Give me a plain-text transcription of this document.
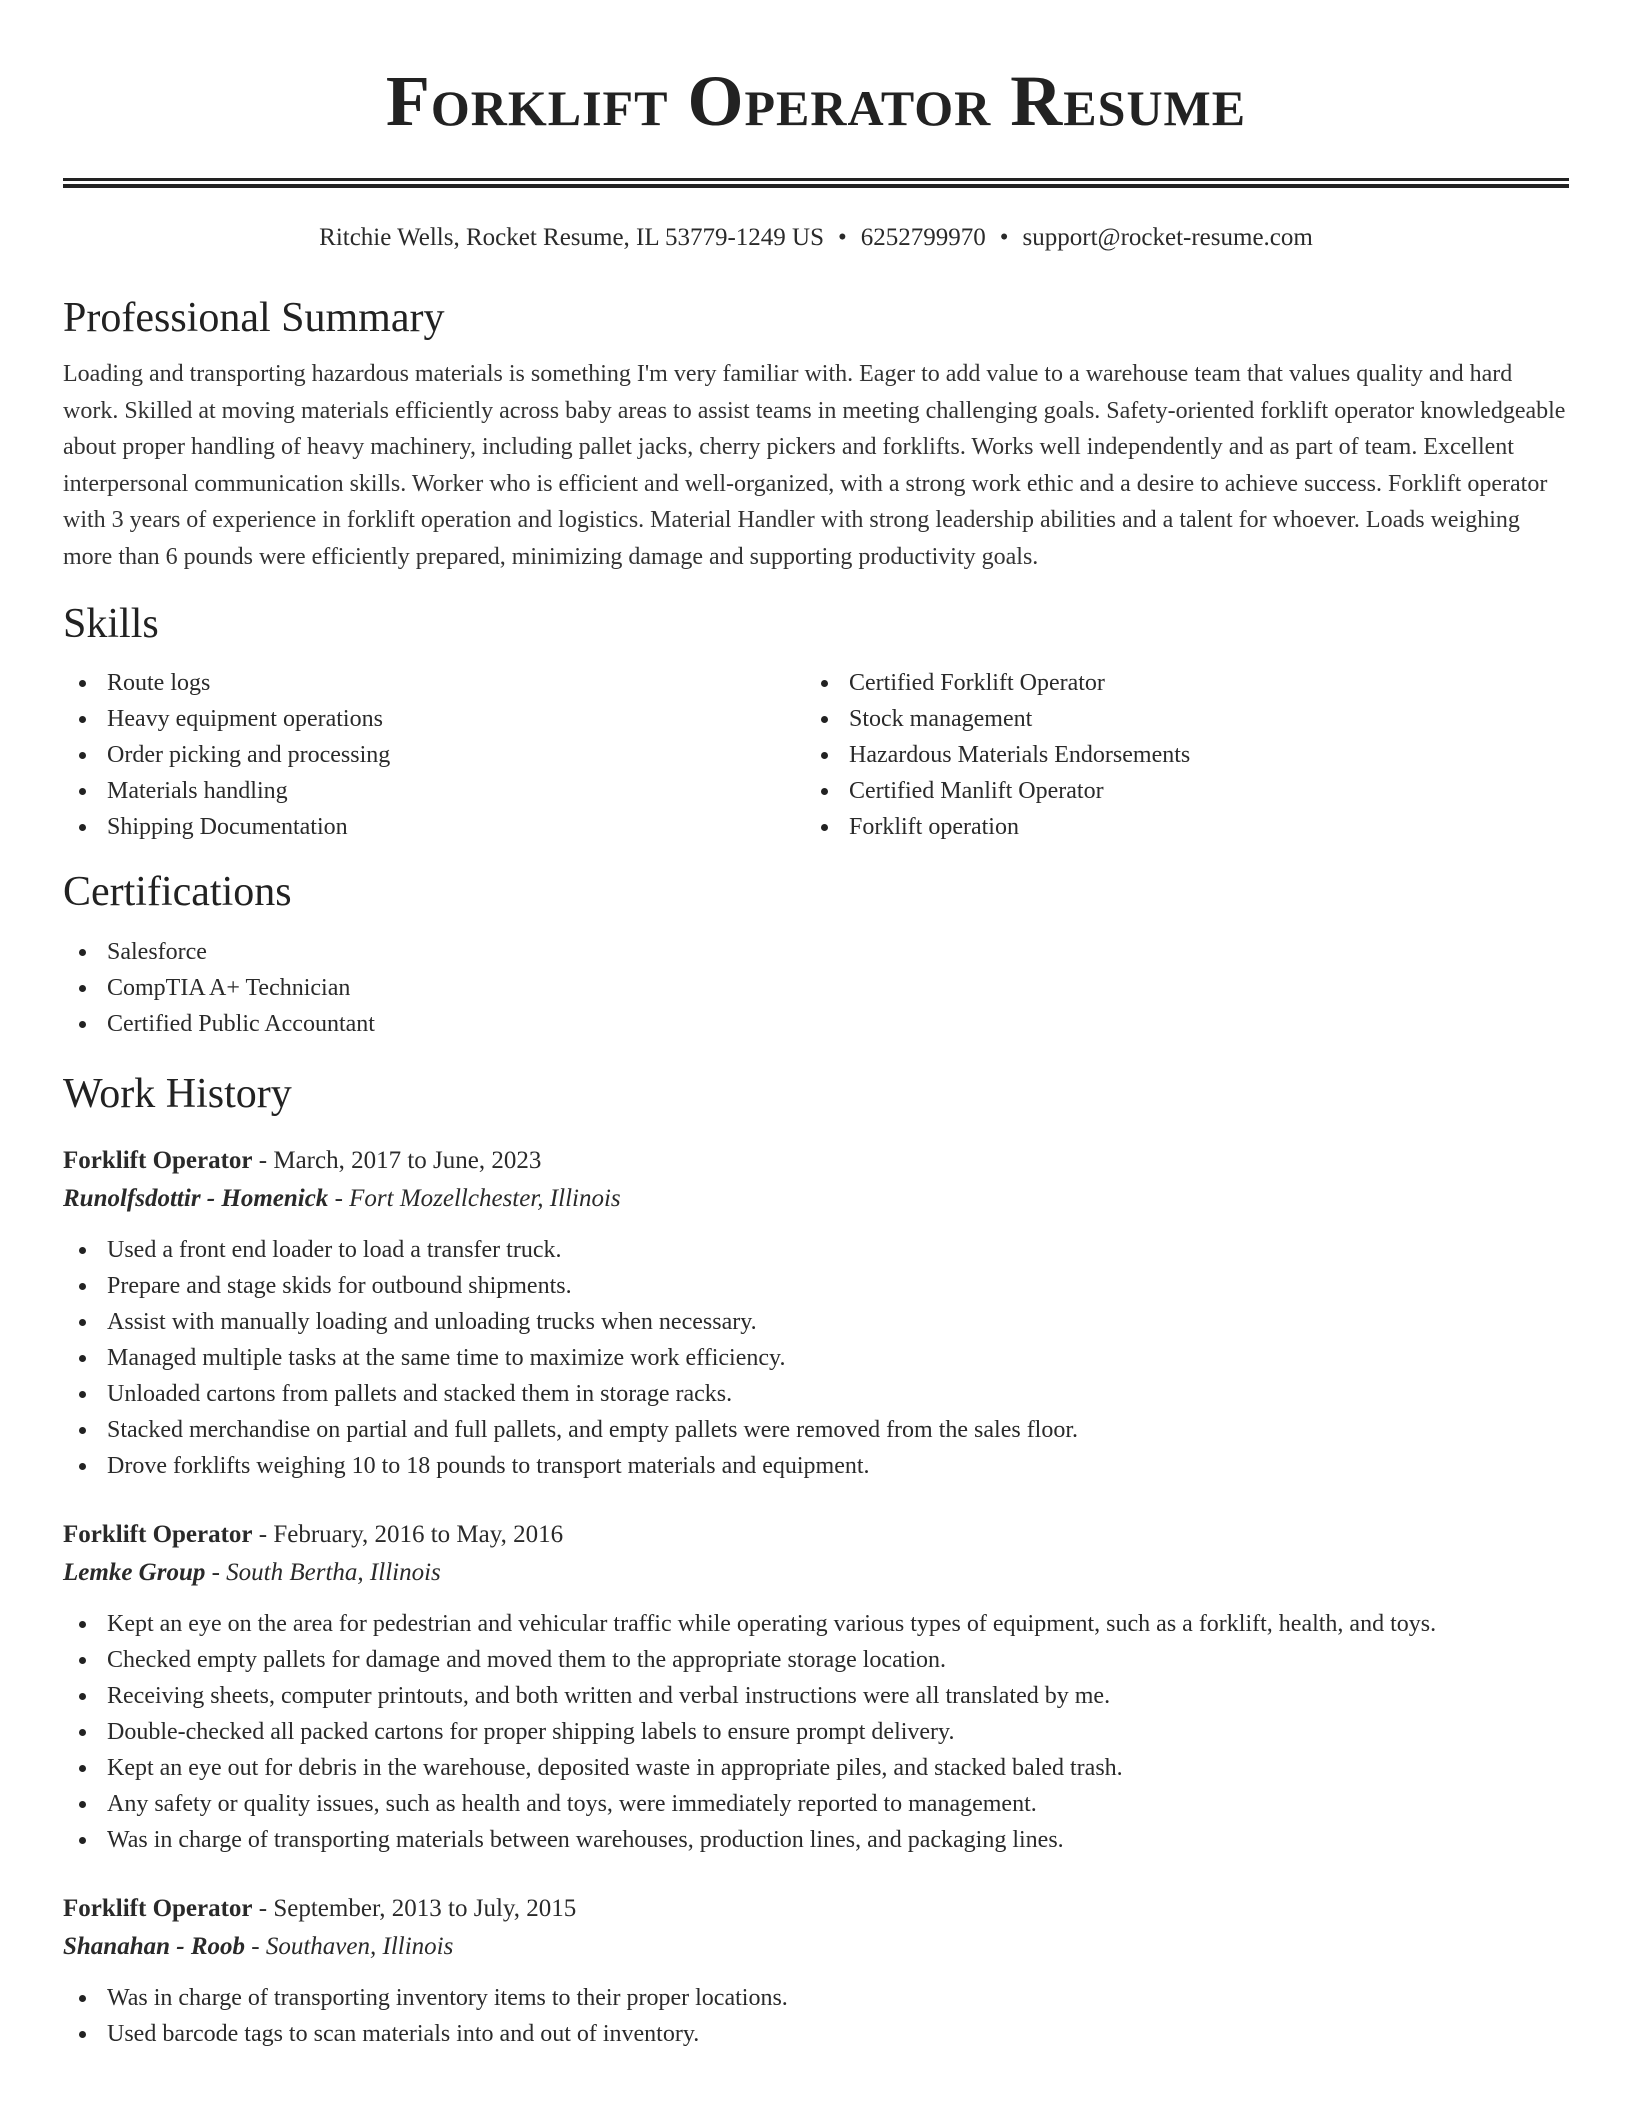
Forklift Operator Resume
Ritchie Wells, Rocket Resume, IL 53779-1249 US • 6252799970 • support@rocket-resume.com
Professional Summary

Loading and transporting hazardous materials is something I'm very familiar with. Eager to add value to a warehouse team that values quality and hard work. Skilled at moving materials efficiently across baby areas to assist teams in meeting challenging goals. Safety-oriented forklift operator knowledgeable about proper handling of heavy machinery, including pallet jacks, cherry pickers and forklifts. Works well independently and as part of team. Excellent interpersonal communication skills. Worker who is efficient and well-organized, with a strong work ethic and a desire to achieve success. Forklift operator with 3 years of experience in forklift operation and logistics. Material Handler with strong leadership abilities and a talent for whoever. Loads weighing more than 6 pounds were efficiently prepared, minimizing damage and supporting productivity goals.

Skills
Route logs
Heavy equipment operations
Order picking and processing
Materials handling
Shipping Documentation
Certified Forklift Operator
Stock management
Hazardous Materials Endorsements
Certified Manlift Operator
Forklift operation
Certifications
Salesforce
CompTIA A+ Technician
Certified Public Accountant
Work History
Forklift Operator - March, 2017 to June, 2023
Runolfsdottir - Homenick - Fort Mozellchester, Illinois
Used a front end loader to load a transfer truck.
Prepare and stage skids for outbound shipments.
Assist with manually loading and unloading trucks when necessary.
Managed multiple tasks at the same time to maximize work efficiency.
Unloaded cartons from pallets and stacked them in storage racks.
Stacked merchandise on partial and full pallets, and empty pallets were removed from the sales floor.
Drove forklifts weighing 10 to 18 pounds to transport materials and equipment.
Forklift Operator - February, 2016 to May, 2016
Lemke Group - South Bertha, Illinois
Kept an eye on the area for pedestrian and vehicular traffic while operating various types of equipment, such as a forklift, health, and toys.
Checked empty pallets for damage and moved them to the appropriate storage location.
Receiving sheets, computer printouts, and both written and verbal instructions were all translated by me.
Double-checked all packed cartons for proper shipping labels to ensure prompt delivery.
Kept an eye out for debris in the warehouse, deposited waste in appropriate piles, and stacked baled trash.
Any safety or quality issues, such as health and toys, were immediately reported to management.
Was in charge of transporting materials between warehouses, production lines, and packaging lines.
Forklift Operator - September, 2013 to July, 2015
Shanahan - Roob - Southaven, Illinois
Was in charge of transporting inventory items to their proper locations.
Used barcode tags to scan materials into and out of inventory.
